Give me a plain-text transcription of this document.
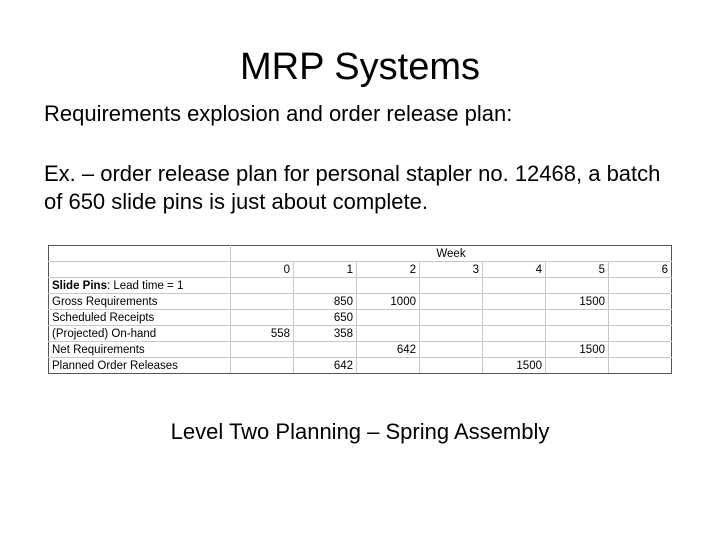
MRP Systems
Requirements explosion and order release plan:
Ex. – order release plan for personal stapler no. 12468, a batch of 650 slide pins is just about complete.
	Week						
	0	1	2	3	4	5	6
Slide Pins: Lead time = 1							
Gross Requirements		850	1000			1500	
Scheduled Receipts		650					
(Projected) On-hand	558	358					
Net Requirements			642			1500	
Planned Order Releases		642			1500		
Level Two Planning – Spring Assembly
